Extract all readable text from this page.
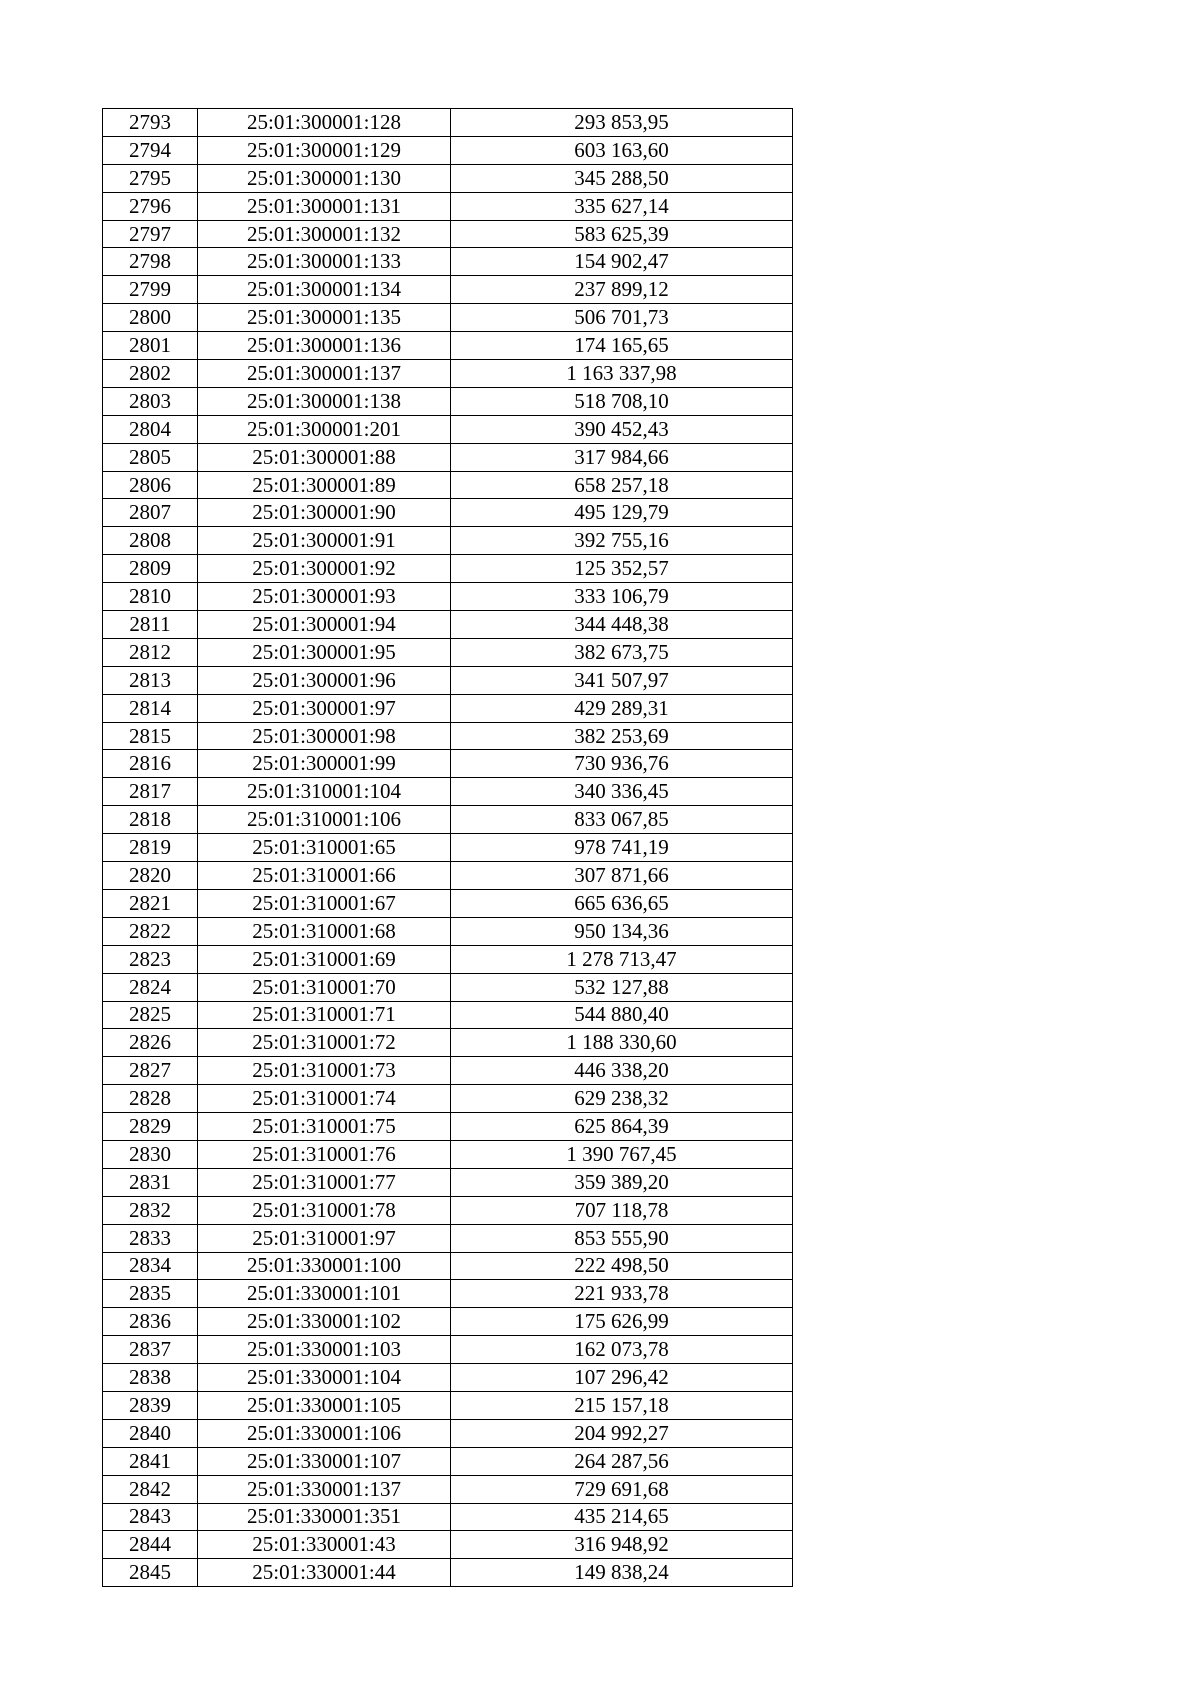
2793	25:01:300001:128	293 853,95
2794	25:01:300001:129	603 163,60
2795	25:01:300001:130	345 288,50
2796	25:01:300001:131	335 627,14
2797	25:01:300001:132	583 625,39
2798	25:01:300001:133	154 902,47
2799	25:01:300001:134	237 899,12
2800	25:01:300001:135	506 701,73
2801	25:01:300001:136	174 165,65
2802	25:01:300001:137	1 163 337,98
2803	25:01:300001:138	518 708,10
2804	25:01:300001:201	390 452,43
2805	25:01:300001:88	317 984,66
2806	25:01:300001:89	658 257,18
2807	25:01:300001:90	495 129,79
2808	25:01:300001:91	392 755,16
2809	25:01:300001:92	125 352,57
2810	25:01:300001:93	333 106,79
2811	25:01:300001:94	344 448,38
2812	25:01:300001:95	382 673,75
2813	25:01:300001:96	341 507,97
2814	25:01:300001:97	429 289,31
2815	25:01:300001:98	382 253,69
2816	25:01:300001:99	730 936,76
2817	25:01:310001:104	340 336,45
2818	25:01:310001:106	833 067,85
2819	25:01:310001:65	978 741,19
2820	25:01:310001:66	307 871,66
2821	25:01:310001:67	665 636,65
2822	25:01:310001:68	950 134,36
2823	25:01:310001:69	1 278 713,47
2824	25:01:310001:70	532 127,88
2825	25:01:310001:71	544 880,40
2826	25:01:310001:72	1 188 330,60
2827	25:01:310001:73	446 338,20
2828	25:01:310001:74	629 238,32
2829	25:01:310001:75	625 864,39
2830	25:01:310001:76	1 390 767,45
2831	25:01:310001:77	359 389,20
2832	25:01:310001:78	707 118,78
2833	25:01:310001:97	853 555,90
2834	25:01:330001:100	222 498,50
2835	25:01:330001:101	221 933,78
2836	25:01:330001:102	175 626,99
2837	25:01:330001:103	162 073,78
2838	25:01:330001:104	107 296,42
2839	25:01:330001:105	215 157,18
2840	25:01:330001:106	204 992,27
2841	25:01:330001:107	264 287,56
2842	25:01:330001:137	729 691,68
2843	25:01:330001:351	435 214,65
2844	25:01:330001:43	316 948,92
2845	25:01:330001:44	149 838,24
